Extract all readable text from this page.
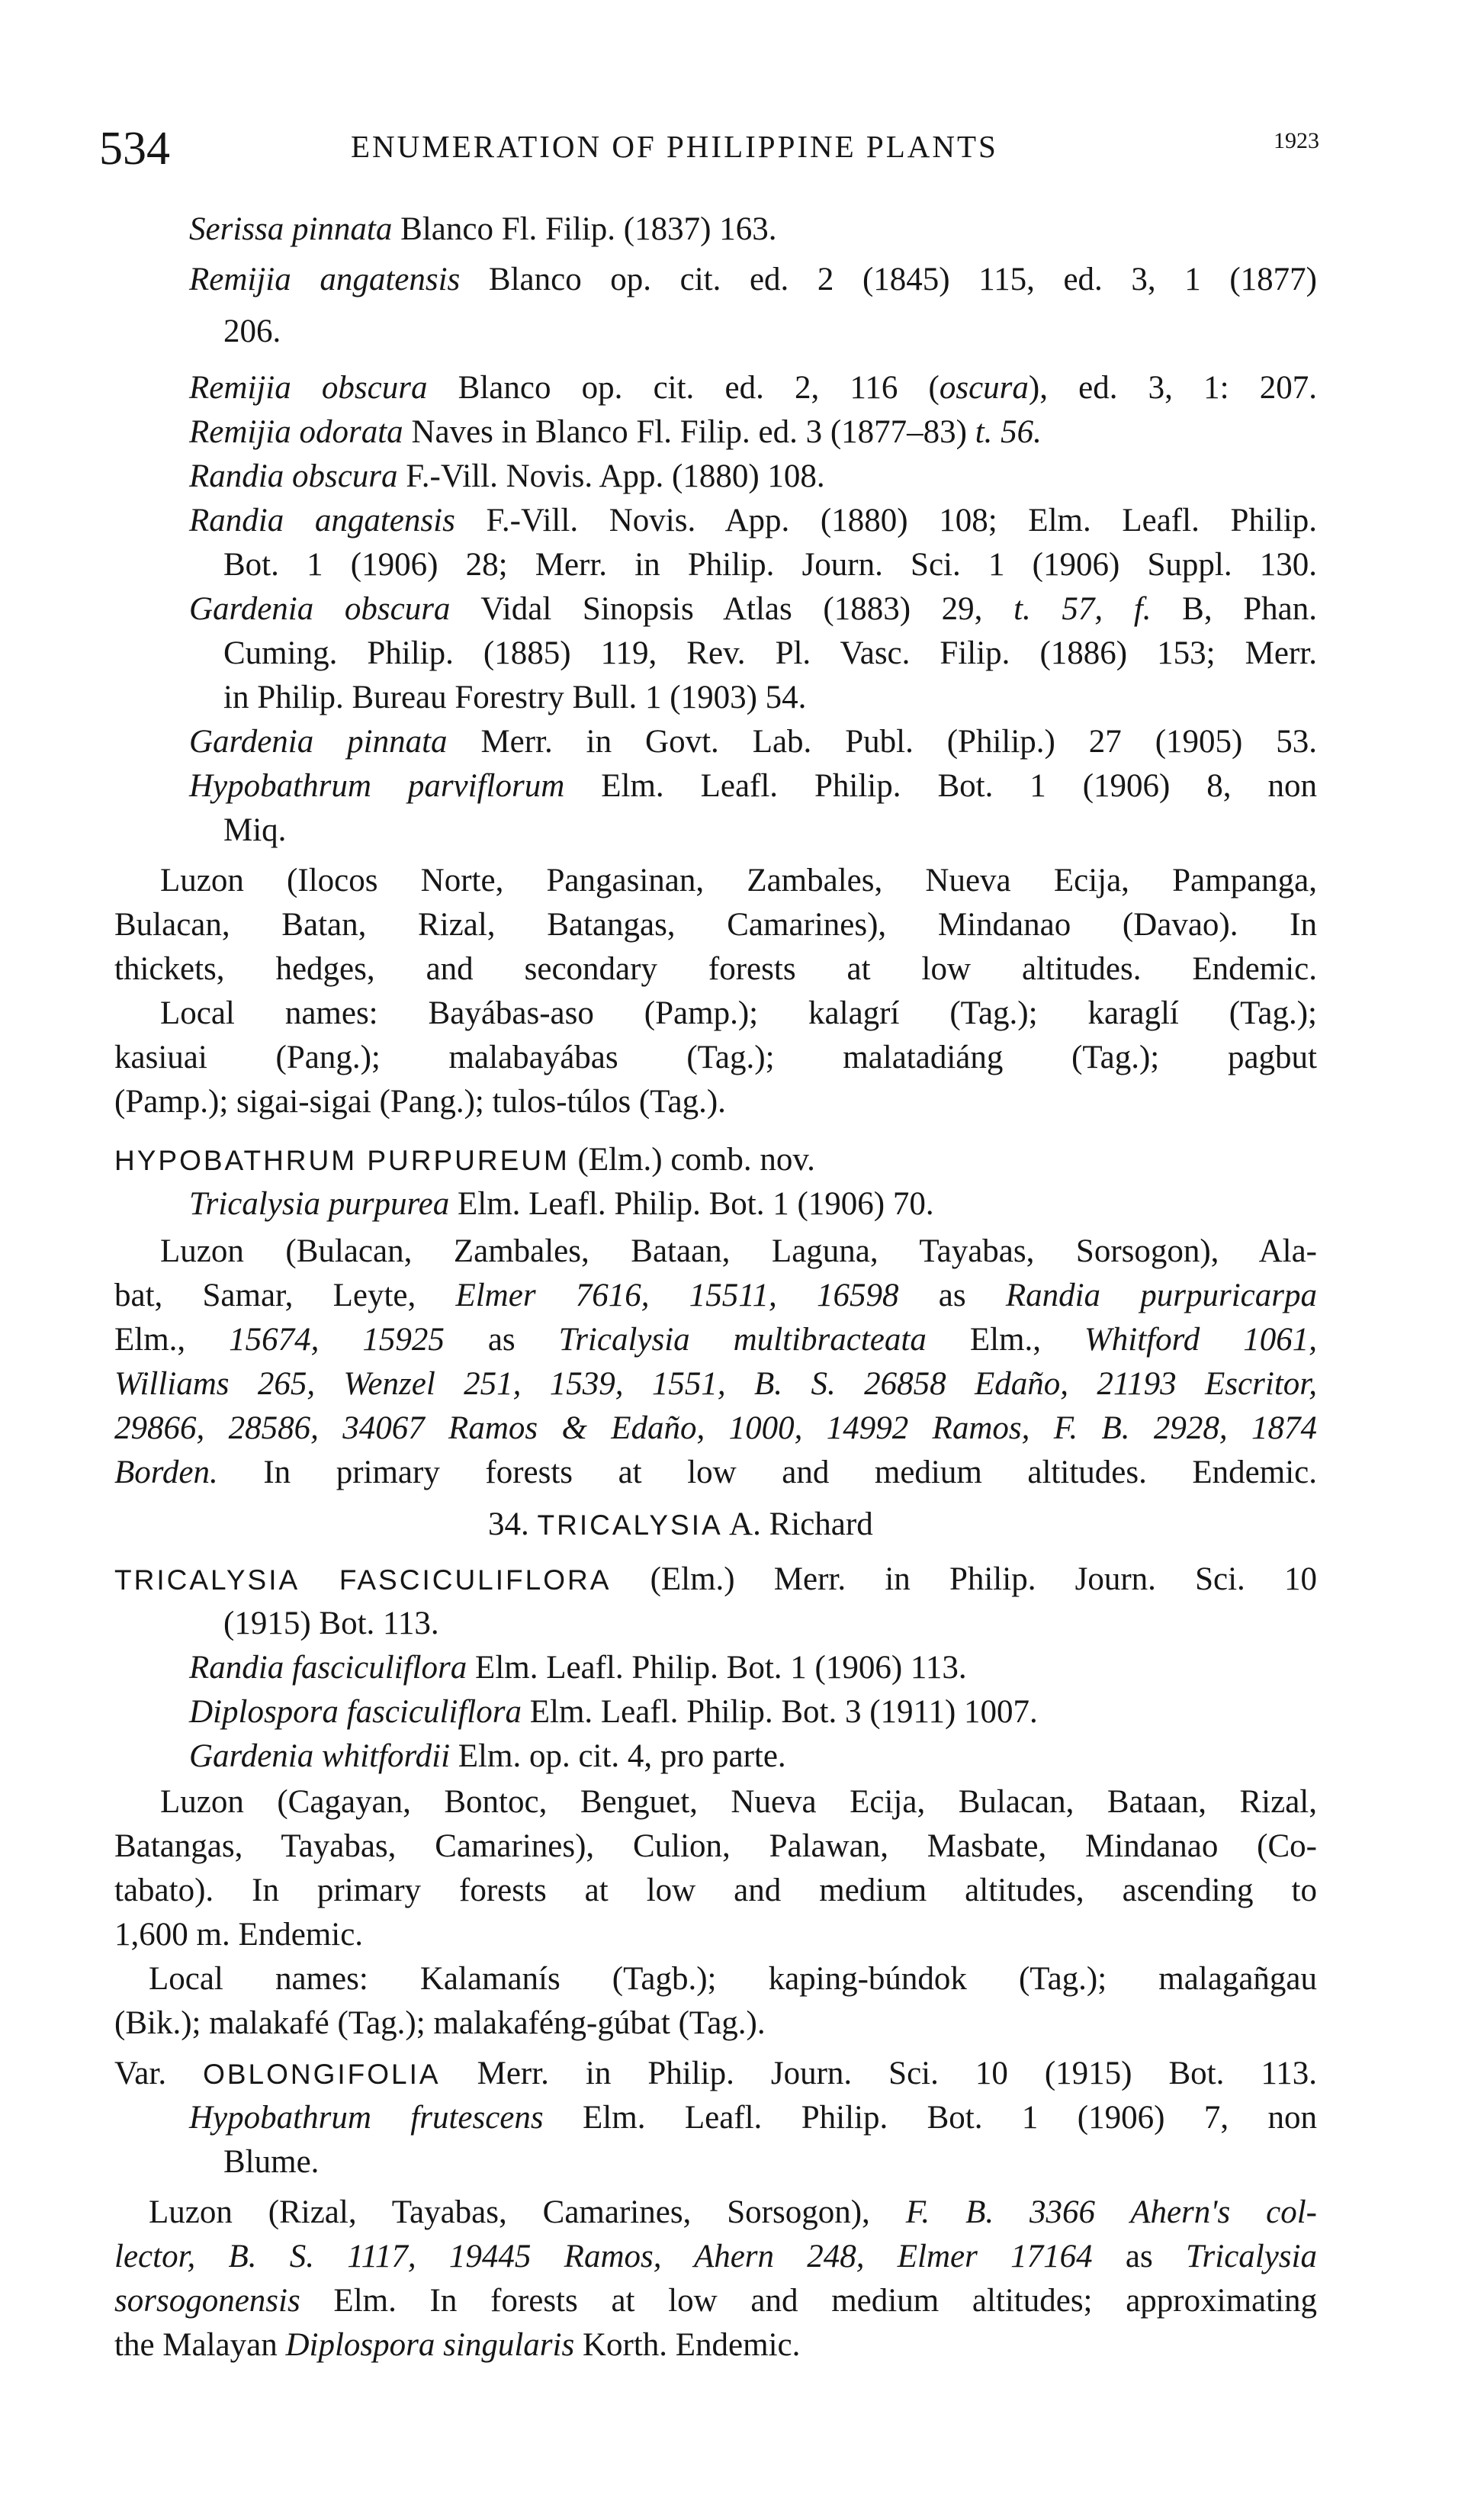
534	ENUMERATION OF PHILIPPINE PLANTS	1923
Serissa pinnata Blanco Fl. Filip. (1837) 163.
Remijia angatensis Blanco op. cit. ed. 2 (1845) 115, ed. 3, 1 (1877)
206.
Remijia obscura Blanco op. cit. ed. 2, 116 (oscura), ed. 3, 1: 207.
Remijia odorata Naves in Blanco Fl. Filip. ed. 3 (1877–83) t. 56.
Randia obscura F.-Vill. Novis. App. (1880) 108.
Randia angatensis F.-Vill. Novis. App. (1880) 108; Elm. Leafl. Philip.
Bot. 1 (1906) 28; Merr. in Philip. Journ. Sci. 1 (1906) Suppl. 130.
Gardenia obscura Vidal Sinopsis Atlas (1883) 29, t. 57, f. B, Phan.
Cuming. Philip. (1885) 119, Rev. Pl. Vasc. Filip. (1886) 153; Merr.
in Philip. Bureau Forestry Bull. 1 (1903) 54.
Gardenia pinnata Merr. in Govt. Lab. Publ. (Philip.) 27 (1905) 53.
Hypobathrum parviflorum Elm. Leafl. Philip. Bot. 1 (1906) 8, non
Miq.
Luzon (Ilocos Norte, Pangasinan, Zambales, Nueva Ecija, Pampanga,
Bulacan, Batan, Rizal, Batangas, Camarines), Mindanao (Davao). In
thickets, hedges, and secondary forests at low altitudes. Endemic.
Local names: Bayábas-aso (Pamp.); kalagrí (Tag.); karaglí (Tag.);
kasiuai (Pang.); malabayábas (Tag.); malatadiáng (Tag.); pagbut
(Pamp.); sigai-sigai (Pang.); tulos-túlos (Tag.).
HYPOBATHRUM PURPUREUM (Elm.) comb. nov.
Tricalysia purpurea Elm. Leafl. Philip. Bot. 1 (1906) 70.
Luzon (Bulacan, Zambales, Bataan, Laguna, Tayabas, Sorsogon), Ala-
bat, Samar, Leyte, Elmer 7616, 15511, 16598 as Randia purpuricarpa
Elm., 15674, 15925 as Tricalysia multibracteata Elm., Whitford 1061,
Williams 265, Wenzel 251, 1539, 1551, B. S. 26858 Edaño, 21193 Escritor,
29866, 28586, 34067 Ramos & Edaño, 1000, 14992 Ramos, F. B. 2928, 1874
Borden. In primary forests at low and medium altitudes. Endemic.
34. TRICALYSIA A. Richard
TRICALYSIA FASCICULIFLORA (Elm.) Merr. in Philip. Journ. Sci. 10
(1915) Bot. 113.
Randia fasciculiflora Elm. Leafl. Philip. Bot. 1 (1906) 113.
Diplospora fasciculiflora Elm. Leafl. Philip. Bot. 3 (1911) 1007.
Gardenia whitfordii Elm. op. cit. 4, pro parte.
Luzon (Cagayan, Bontoc, Benguet, Nueva Ecija, Bulacan, Bataan, Rizal,
Batangas, Tayabas, Camarines), Culion, Palawan, Masbate, Mindanao (Co-
tabato). In primary forests at low and medium altitudes, ascending to
1,600 m. Endemic.
Local names: Kalamanís (Tagb.); kaping-búndok (Tag.); malagañgau
(Bik.); malakafé (Tag.); malakaféng-gúbat (Tag.).
Var. OBLONGIFOLIA Merr. in Philip. Journ. Sci. 10 (1915) Bot. 113.
Hypobathrum frutescens Elm. Leafl. Philip. Bot. 1 (1906) 7, non
Blume.
Luzon (Rizal, Tayabas, Camarines, Sorsogon), F. B. 3366 Ahern's col-
lector, B. S. 1117, 19445 Ramos, Ahern 248, Elmer 17164 as Tricalysia
sorsogonensis Elm. In forests at low and medium altitudes; approximating
the Malayan Diplospora singularis Korth. Endemic.
